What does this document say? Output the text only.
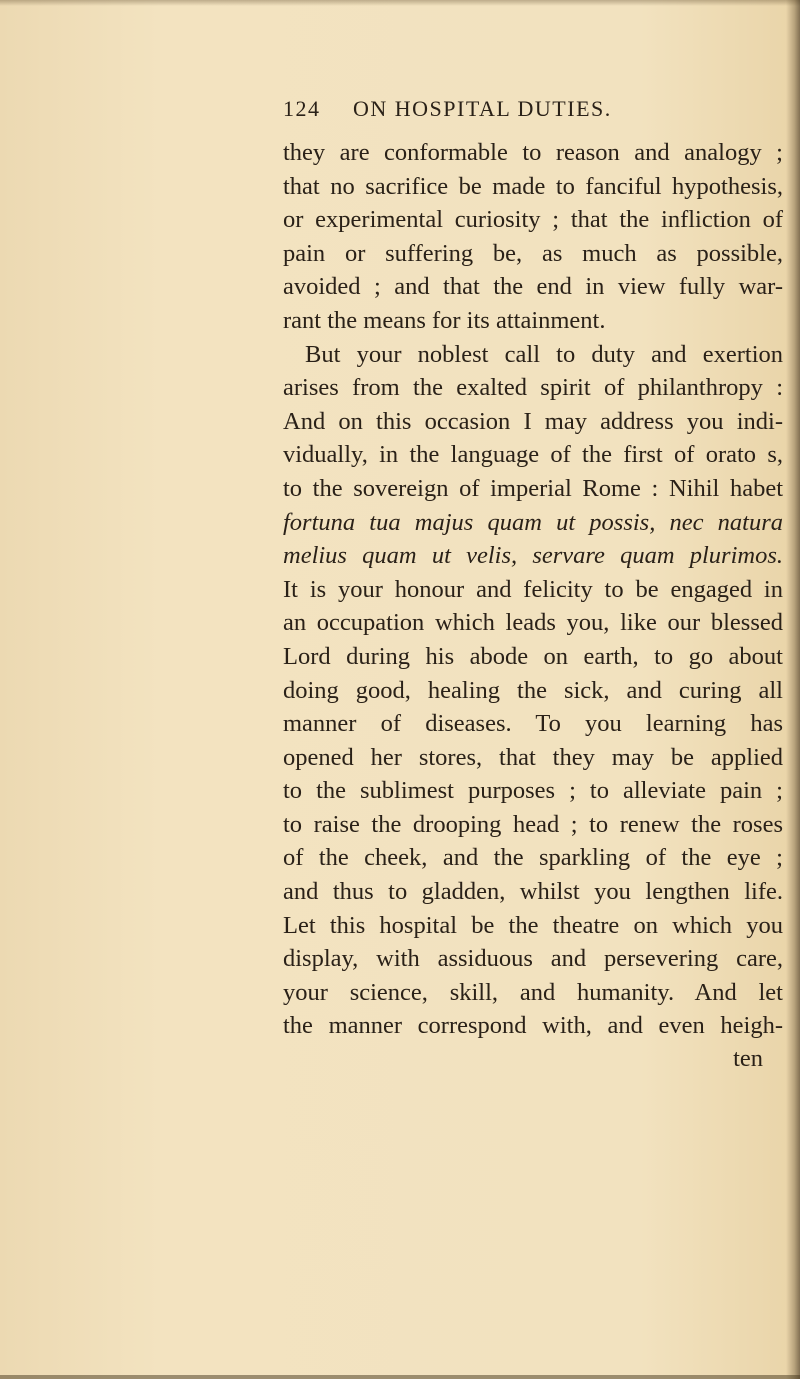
124 ON HOSPITAL DUTIES.
they are conformable to reason and analogy ;
that no sacrifice be made to fanciful hypothesis,
or experimental curiosity ; that the infliction of
pain or suffering be, as much as possible,
avoided ; and that the end in view fully war-
rant the means for its attainment.
But your noblest call to duty and exertion
arises from the exalted spirit of philanthropy :
And on this occasion I may address you indi-
vidually, in the language of the first of orato s,
to the sovereign of imperial Rome : Nihil habet
fortuna tua majus quam ut possis, nec natura
melius quam ut velis, servare quam plurimos.
It is your honour and felicity to be engaged in
an occupation which leads you, like our blessed
Lord during his abode on earth, to go about
doing good, healing the sick, and curing all
manner of diseases. To you learning has
opened her stores, that they may be applied
to the sublimest purposes ; to alleviate pain ;
to raise the drooping head ; to renew the roses
of the cheek, and the sparkling of the eye ;
and thus to gladden, whilst you lengthen life.
Let this hospital be the theatre on which you
display, with assiduous and persevering care,
your science, skill, and humanity. And let
the manner correspond with, and even heigh-
ten
